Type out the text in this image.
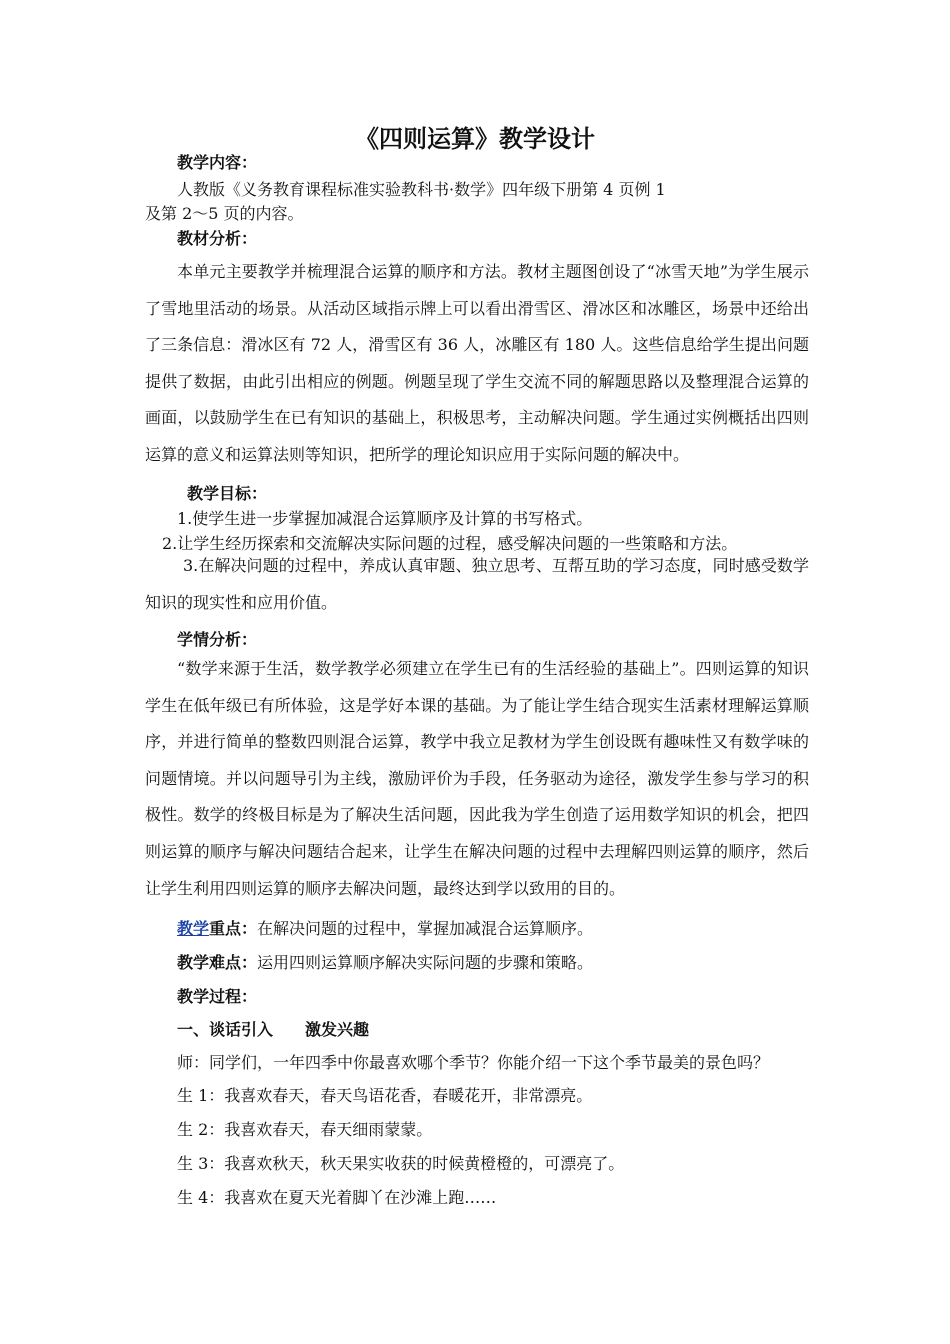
《四则运算》教学设计

教学内容：

人教版《义务教育课程标准实验教科书·数学》四年级下册第 4 页例 1

及第 2～5 页的内容。

教材分析：

本单元主要教学并梳理混合运算的顺序和方法。教材主题图创设了“冰雪天地”为学生展示了雪地里活动的场景。从活动区域指示牌上可以看出滑雪区、滑冰区和冰雕区，场景中还给出了三条信息：滑冰区有 72 人，滑雪区有 36 人，冰雕区有 180 人。这些信息给学生提出问题提供了数据，由此引出相应的例题。例题呈现了学生交流不同的解题思路以及整理混合运算的画面，以鼓励学生在已有知识的基础上，积极思考，主动解决问题。学生通过实例概括出四则运算的意义和运算法则等知识，把所学的理论知识应用于实际问题的解决中。

教学目标：

1.使学生进一步掌握加减混合运算顺序及计算的书写格式。

2.让学生经历探索和交流解决实际问题的过程，感受解决问题的一些策略和方法。

3.在解决问题的过程中，养成认真审题、独立思考、互帮互助的学习态度，同时感受数学知识的现实性和应用价值。

学情分析：

“数学来源于生活，数学教学必须建立在学生已有的生活经验的基础上”。四则运算的知识学生在低年级已有所体验，这是学好本课的基础。为了能让学生结合现实生活素材理解运算顺序，并进行简单的整数四则混合运算，教学中我立足教材为学生创设既有趣味性又有数学味的问题情境。并以问题导引为主线，激励评价为手段，任务驱动为途径，激发学生参与学习的积极性。数学的终极目标是为了解决生活问题，因此我为学生创造了运用数学知识的机会，把四则运算的顺序与解决问题结合起来，让学生在解决问题的过程中去理解四则运算的顺序，然后让学生利用四则运算的顺序去解决问题，最终达到学以致用的目的。

教学重点：在解决问题的过程中，掌握加减混合运算顺序。

教学难点：运用四则运算顺序解决实际问题的步骤和策略。

教学过程：

一、谈话引入　　激发兴趣

师：同学们，一年四季中你最喜欢哪个季节？你能介绍一下这个季节最美的景色吗？

生 1：我喜欢春天，春天鸟语花香，春暖花开，非常漂亮。

生 2：我喜欢春天，春天细雨蒙蒙。

生 3：我喜欢秋天，秋天果实收获的时候黄橙橙的，可漂亮了。

生 4：我喜欢在夏天光着脚丫在沙滩上跑……
